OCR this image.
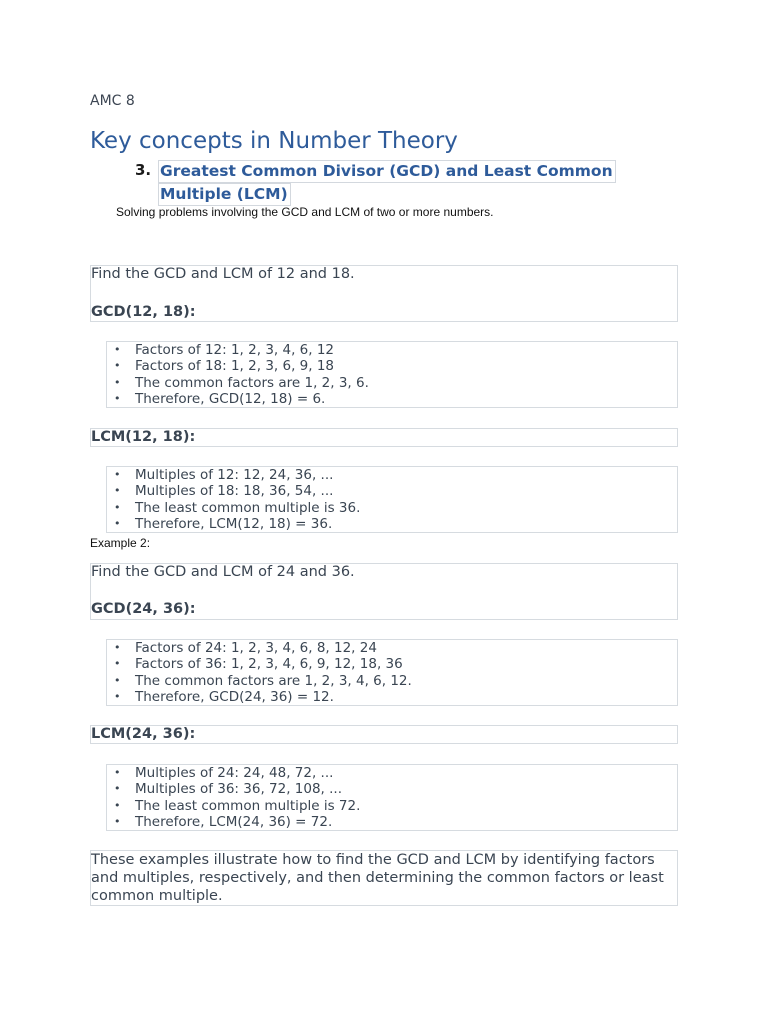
AMC 8
Key concepts in Number Theory
3. Greatest Common Divisor (GCD) and Least Common
Multiple (LCM)
Solving problems involving the GCD and LCM of two or more numbers.
Find the GCD and LCM of 12 and 18.
GCD(12, 18):
• Factors of 12: 1, 2, 3, 4, 6, 12
• Factors of 18: 1, 2, 3, 6, 9, 18
• The common factors are 1, 2, 3, 6.
• Therefore, GCD(12, 18) = 6.
LCM(12, 18):
• Multiples of 12: 12, 24, 36, ...
• Multiples of 18: 18, 36, 54, ...
• The least common multiple is 36.
• Therefore, LCM(12, 18) = 36.
Example 2:
Find the GCD and LCM of 24 and 36.
GCD(24, 36):
• Factors of 24: 1, 2, 3, 4, 6, 8, 12, 24
• Factors of 36: 1, 2, 3, 4, 6, 9, 12, 18, 36
• The common factors are 1, 2, 3, 4, 6, 12.
• Therefore, GCD(24, 36) = 12.
LCM(24, 36):
• Multiples of 24: 24, 48, 72, ...
• Multiples of 36: 36, 72, 108, ...
• The least common multiple is 72.
• Therefore, LCM(24, 36) = 72.
These examples illustrate how to find the GCD and LCM by identifying factors and multiples, respectively, and then determining the common factors or least common multiple.
